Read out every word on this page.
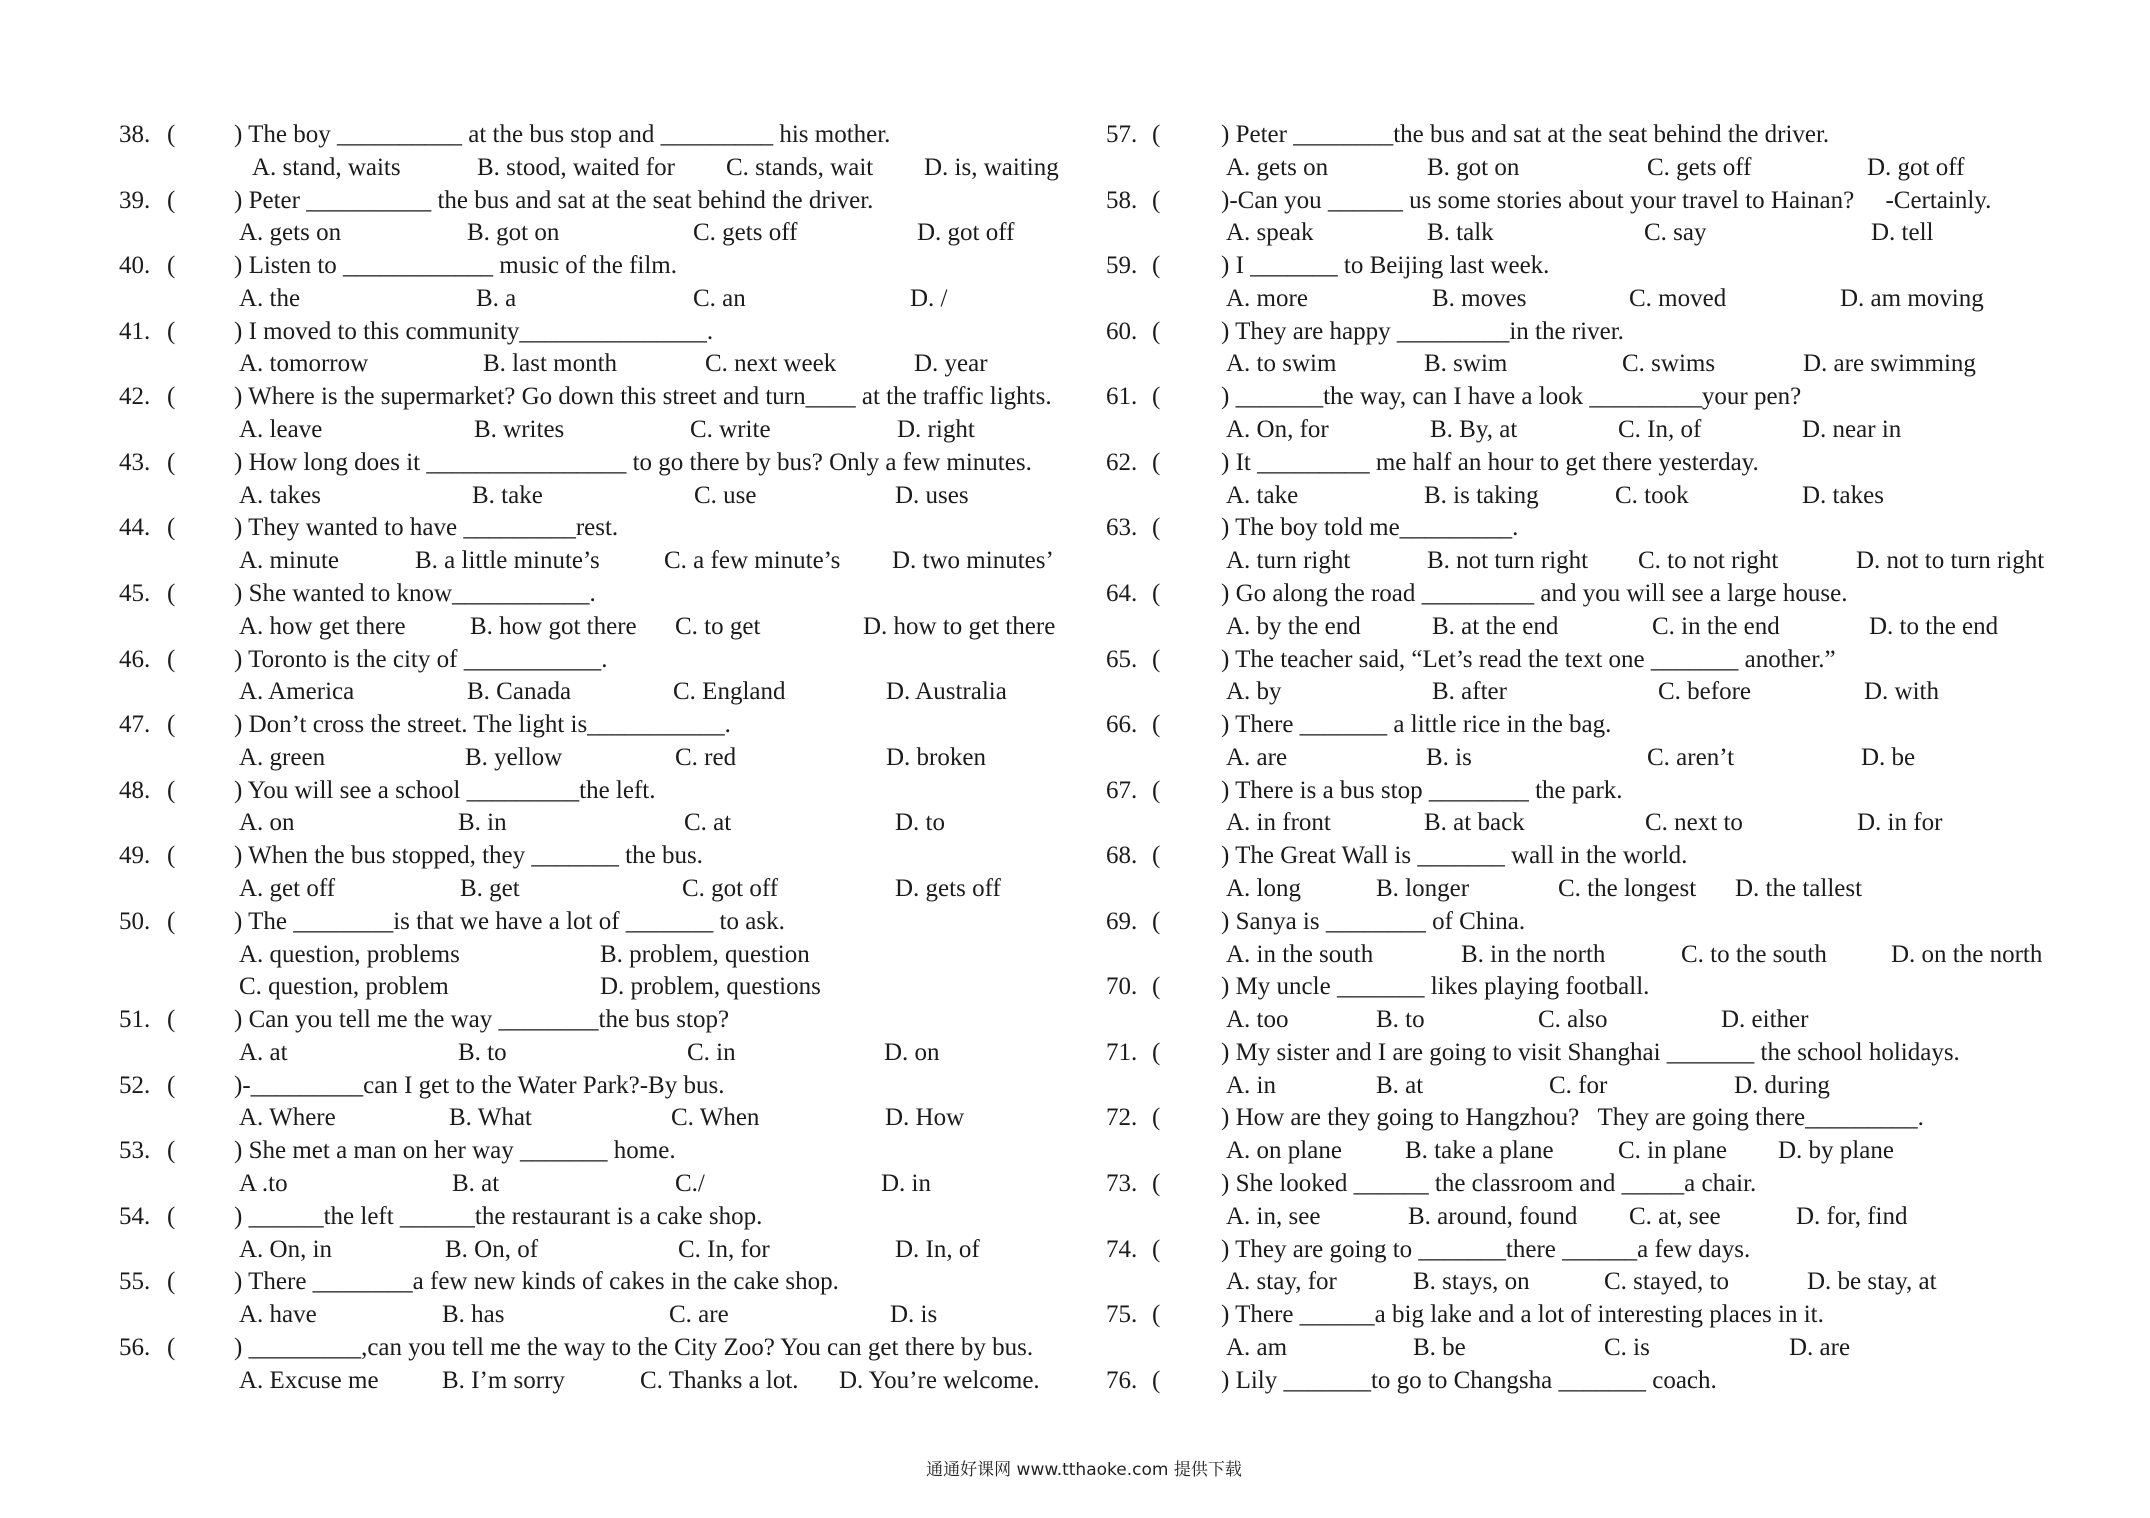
38. ( ) The boy __________ at the bus stop and _________ his mother.
A. stand, waits	B. stood, waited for C. stands, wait D. is, waiting
39. ( ) Peter __________ the bus and sat at the seat behind the driver.
A. gets on	B. got on	C. gets off	D. got off
40. ( ) Listen to ____________ music of the film.
A. the	B. a	C. an	D. /
41. ( ) I moved to this community_______________.
A. tomorrow	B. last month	C. next week	D. year
42. ( ) Where is the supermarket? Go down this street and turn____ at the traffic lights.
A. leave	B. writes	C. write	D. right
43. ( ) How long does it ________________ to go there by bus? Only a few minutes.
A. takes	B. take	C. use	D. uses
44. ( ) They wanted to have _________rest.
A. minute	B. a little minute’s	C. a few minute’s D. two minutes’
45. ( ) She wanted to know___________.
A. how get there	B. how got there C. to get	D. how to get there
46. ( ) Toronto is the city of ___________.
A. America	B. Canada	C. England	D. Australia
47. ( ) Don’t cross the street. The light is___________.
A. green	B. yellow	C. red	D. broken
48. ( ) You will see a school _________the left.
A. on	B. in	C. at	D. to
49. ( ) When the bus stopped, they _______ the bus.
A. get off	B. get	C. got off	D. gets off
50. ( ) The ________is that we have a lot of _______ to ask.
A. question, problems	B. problem, question
C. question, problem	D. problem, questions
51. ( ) Can you tell me the way ________the bus stop?
A. at	B. to	C. in	D. on
52. ( )-_________can I get to the Water Park?-By bus.
A. Where	B. What	C. When	D. How
53. ( ) She met a man on her way _______ home.
A .to	B. at	C./	D. in
54. ( ) ______the left ______the restaurant is a cake shop.
A. On, in	B. On, of	C. In, for	D. In, of
55. ( ) There ________a few new kinds of cakes in the cake shop.
A. have	B. has	C. are	D. is
56. ( ) _________,can you tell me the way to the City Zoo? You can get there by bus.
A. Excuse me	B. I’m sorry	C. Thanks a lot. D. You’re welcome.
57. ( ) Peter ________the bus and sat at the seat behind the driver.
A. gets on	B. got on	C. gets off	D. got off
58. ( )-Can you ______ us some stories about your travel to Hainan?     -Certainly.
A. speak	B. talk	C. say	D. tell
59. ( ) I _______ to Beijing last week.
A. more	B. moves	C. moved	D. am moving
60. ( ) They are happy _________in the river.
A. to swim	B. swim	C. swims	D. are swimming
61. ( ) _______the way, can I have a look _________your pen?
A. On, for	B. By, at	C. In, of	D. near in
62. ( ) It _________ me half an hour to get there yesterday.
A. take	B. is taking	C. took	D. takes
63. ( ) The boy told me_________.
A. turn right	B. not turn right C. to not right	D. not to turn right
64. ( ) Go along the road _________ and you will see a large house.
A. by the end	B. at the end	C. in the end	D. to the end
65. ( ) The teacher said, “Let’s read the text one _______ another.”
A. by	B. after	C. before	D. with
66. ( ) There _______ a little rice in the bag.
A. are	B. is	C. aren’t	D. be
67. ( ) There is a bus stop ________ the park.
A. in front	B. at back	C. next to	D. in for
68. ( ) The Great Wall is _______ wall in the world.
A. long	B. longer	C. the longest D. the tallest
69. ( ) Sanya is ________ of China.
A. in the south	B. in the north	C. to the south	D. on the north
70. ( ) My uncle _______ likes playing football.
A. too	B. to	C. also	D. either
71. ( ) My sister and I are going to visit Shanghai _______ the school holidays.
A. in	B. at	C. for	D. during
72. ( ) How are they going to Hangzhou?   They are going there_________.
A. on plane	B. take a plane	C. in plane D. by plane
73. ( ) She looked ______ the classroom and _____a chair.
A. in, see	B. around, found C. at, see	D. for, find
74. ( ) They are going to _______there ______a few days.
A. stay, for	B. stays, on	C. stayed, to	D. be stay, at
75. ( ) There ______a big lake and a lot of interesting places in it.
A. am	B. be	C. is	D. are
76. ( ) Lily _______to go to Changsha _______ coach.
通通好课网 www.tthaoke.com 提供下载
